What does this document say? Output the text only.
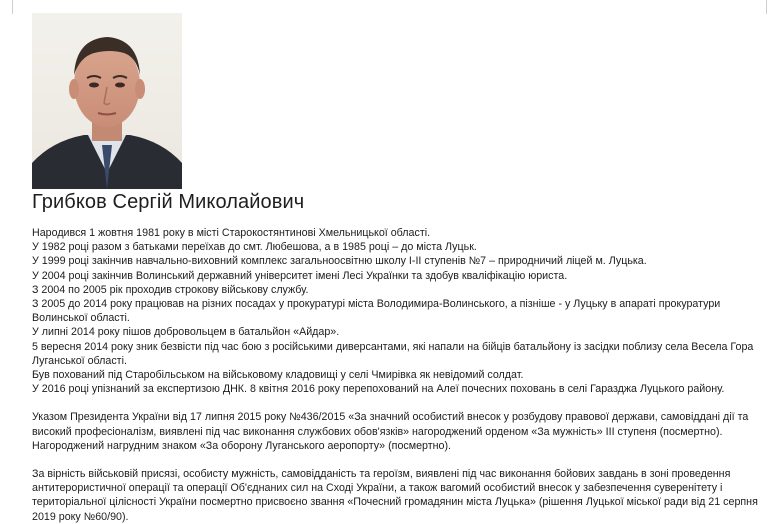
Грибков Сергій Миколайович

Народився 1 жовтня 1981 року в місті Старокостянтинові Хмельницької області.

У 1982 році разом з батьками переїхав до смт. Любешова, а в 1985 році – до міста Луцьк.

У 1999 році закінчив навчально-виховний комплекс загальноосвітню школу І-ІІ ступенів №7 – природничий ліцей м. Луцька.

У 2004 році закінчив Волинський державний університет імені Лесі Українки та здобув кваліфікацію юриста.

З 2004 по 2005 рік проходив строкову військову службу.

З 2005 до 2014 року працював на різних посадах у прокуратурі міста Володимира-Волинського, а пізніше - у Луцьку в апараті прокуратури Волинської області.

У липні 2014 року пішов добровольцем в батальйон «Айдар».

5 вересня 2014 року зник безвісти під час бою з російськими диверсантами, які напали на бійців батальйону із засідки поблизу села Весела Гора Луганської області.

Був похований під Старобільськом на військовому кладовищі у селі Чмирівка як невідомий солдат.

У 2016 році упізнаний за експертизою ДНК. 8 квітня 2016 року перепохований на Алеї почесних поховань в селі Гаразджа Луцького району.

Указом Президента України від 17 липня 2015 року №436/2015 «За значний особистий внесок у розбудову правової держави, самовіддані дії та високий професіоналізм, виявлені під час виконання службових обов'язків» нагороджений орденом «За мужність» ІІІ ступеня (посмертно). Нагороджений нагрудним знаком «За оборону Луганського аеропорту» (посмертно).

За вірність військовій присязі, особисту мужність, самовідданість та героїзм, виявлені під час виконання бойових завдань в зоні проведення антитерористичної операції та операції Об'єднаних сил на Сході України, а також вагомий особистий внесок у забезпечення суверенітету і територіальної цілісності України посмертно присвоєно звання «Почесний громадянин міста Луцька» (рішення Луцької міської ради від 21 серпня 2019 року №60/90).
